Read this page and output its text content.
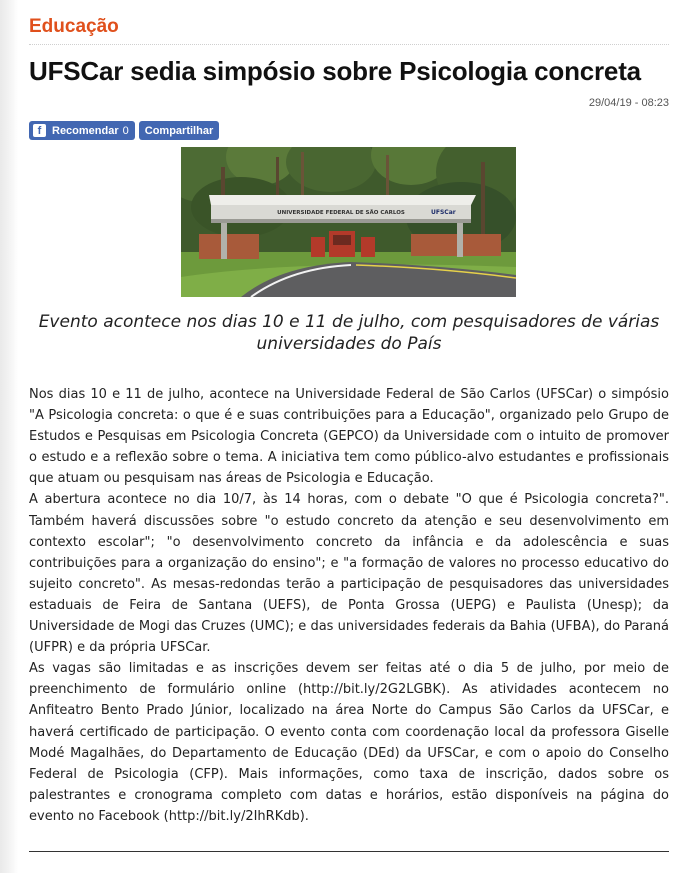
Educação
UFSCar sedia simpósio sobre Psicologia concreta
29/04/19 - 08:23
f Recomendar 0 Compartilhar
UNIVERSIDADE FEDERAL DE SÃO CARLOS	UFSCar
Evento acontece nos dias 10 e 11 de julho, com pesquisadores de várias universidades do País

Nos dias 10 e 11 de julho, acontece na Universidade Federal de São Carlos (UFSCar) o simpósio "A Psicologia concreta: o que é e suas contribuições para a Educação", organizado pelo Grupo de Estudos e Pesquisas em Psicologia Concreta (GEPCO) da Universidade com o intuito de promover o estudo e a reflexão sobre o tema. A iniciativa tem como público-alvo estudantes e profissionais que atuam ou pesquisam nas áreas de Psicologia e Educação.

A abertura acontece no dia 10/7, às 14 horas, com o debate "O que é Psicologia concreta?". Também haverá discussões sobre "o estudo concreto da atenção e seu desenvolvimento em contexto escolar"; "o desenvolvimento concreto da infância e da adolescência e suas contribuições para a organização do ensino"; e "a formação de valores no processo educativo do sujeito concreto". As mesas-redondas terão a participação de pesquisadores das universidades estaduais de Feira de Santana (UEFS), de Ponta Grossa (UEPG) e Paulista (Unesp); da Universidade de Mogi das Cruzes (UMC); e das universidades federais da Bahia (UFBA), do Paraná (UFPR) e da própria UFSCar.

As vagas são limitadas e as inscrições devem ser feitas até o dia 5 de julho, por meio de preenchimento de formulário online (http://bit.ly/2G2LGBK). As atividades acontecem no Anfiteatro Bento Prado Júnior, localizado na área Norte do Campus São Carlos da UFSCar, e haverá certificado de participação. O evento conta com coordenação local da professora Giselle Modé Magalhães, do Departamento de Educação (DEd) da UFSCar, e com o apoio do Conselho Federal de Psicologia (CFP). Mais informações, como taxa de inscrição, dados sobre os palestrantes e cronograma completo com datas e horários, estão disponíveis na página do evento no Facebook (http://bit.ly/2IhRKdb).
